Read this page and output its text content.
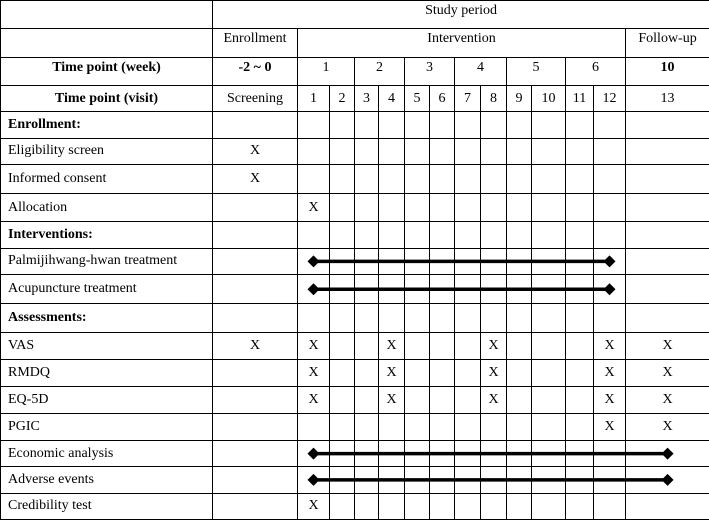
	Study period													
	Enrollment	Intervention												Follow-up
Time point (week)	-2 ~ 0	1		2		3		4		5		6		10
Time point (visit)	Screening	1	2	3	4	5	6	7	8	9	10	11	12	13
Enrollment:														
Eligibility screen	X													
Informed consent	X													
Allocation		X												
Interventions:														
Palmijihwang-hwan treatment														
Acupuncture treatment														
Assessments:														
VAS	X	X			X				X				X	X
RMDQ		X			X				X				X	X
EQ-5D		X			X				X				X	X
PGIC													X	X
Economic analysis														
Adverse events														
Credibility test		X												
